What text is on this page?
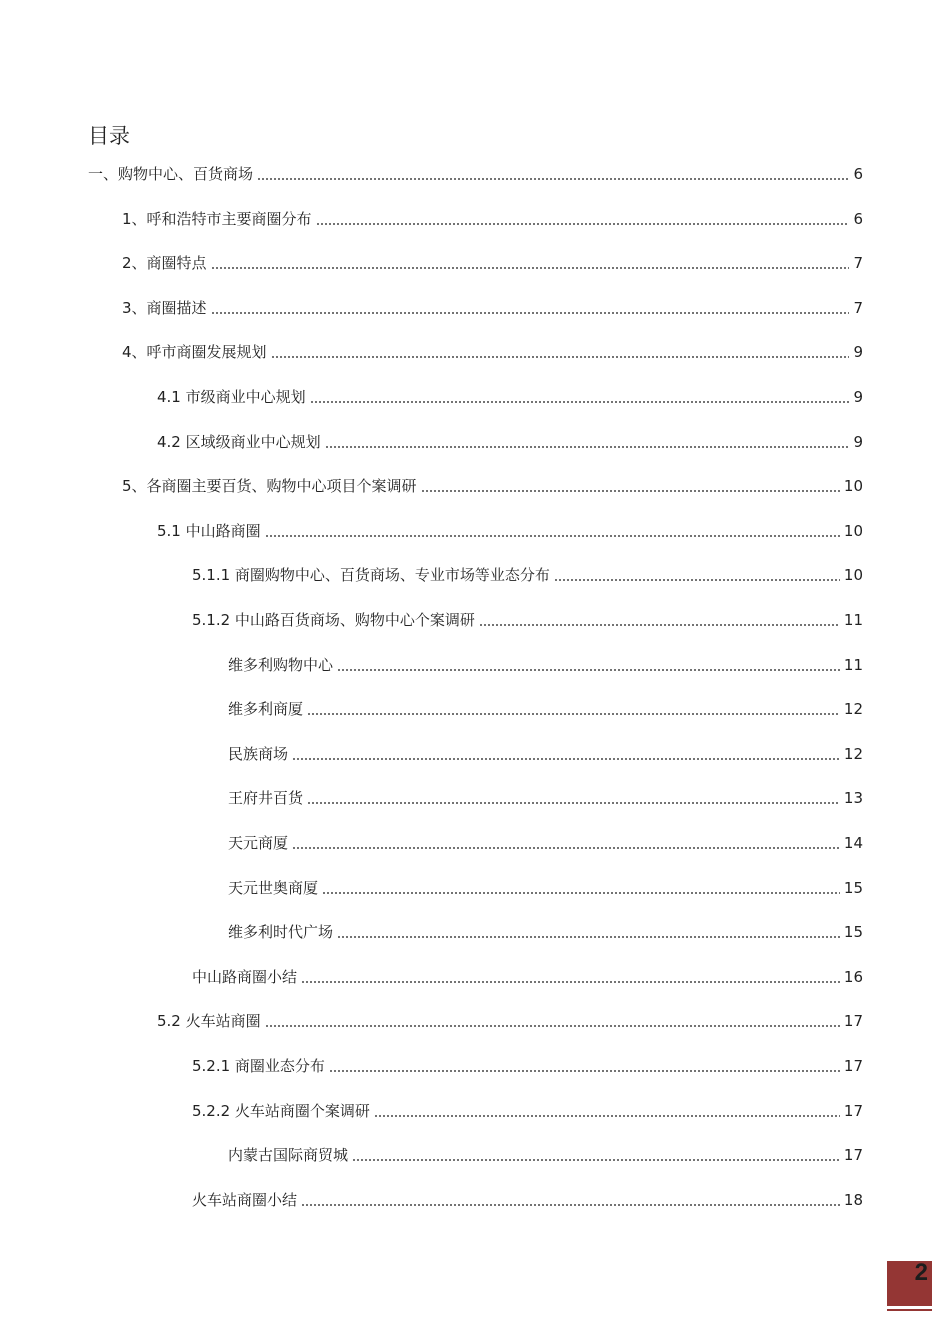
目录
一、购物中心、百货商场	6
1、呼和浩特市主要商圈分布	6
2、商圈特点	7
3、商圈描述	7
4、呼市商圈发展规划	9
4.1 市级商业中心规划	9
4.2 区域级商业中心规划	9
5、各商圈主要百货、购物中心项目个案调研	10
5.1 中山路商圈	10
5.1.1 商圈购物中心、百货商场、专业市场等业态分布	10
5.1.2 中山路百货商场、购物中心个案调研	11
维多利购物中心	11
维多利商厦	12
民族商场	12
王府井百货	13
天元商厦	14
天元世奥商厦	15
维多利时代广场	15
中山路商圈小结	16
5.2 火车站商圈	17
5.2.1 商圈业态分布	17
5.2.2 火车站商圈个案调研	17
内蒙古国际商贸城	17
火车站商圈小结	18
2
